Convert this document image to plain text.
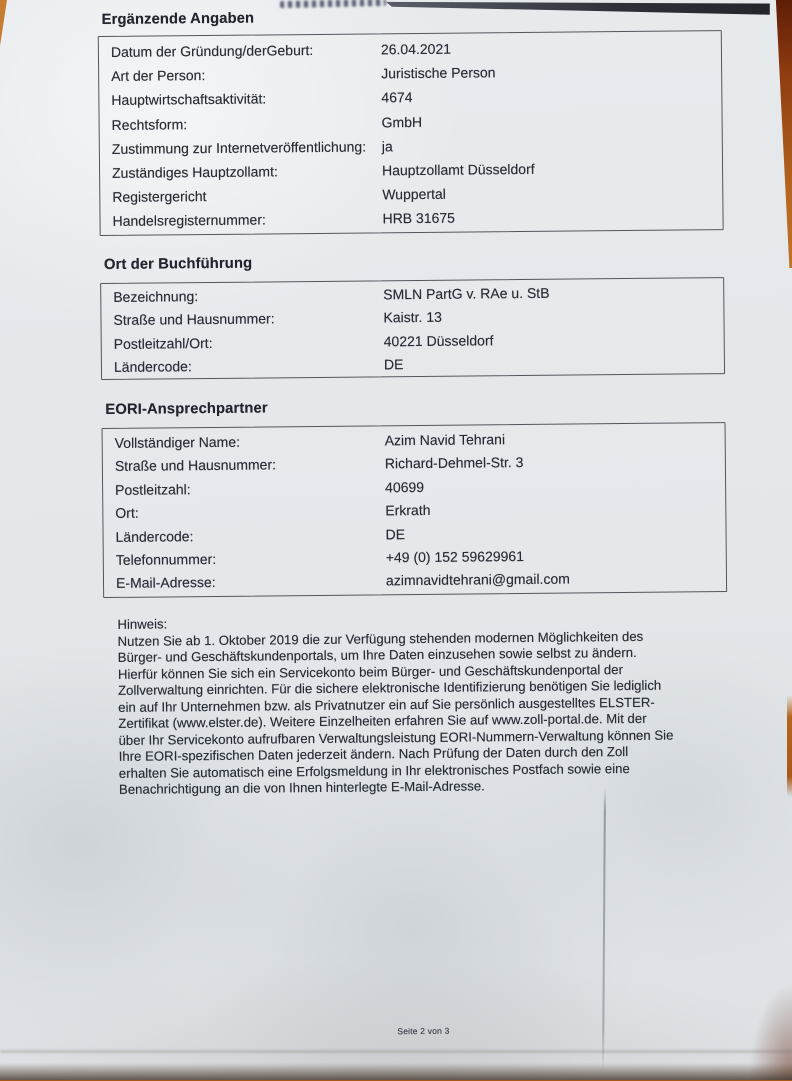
Ergänzende Angaben
Datum der Gründung/derGeburt:	26.04.2021
Art der Person:	Juristische Person
Hauptwirtschaftsaktivität:	4674
Rechtsform:	GmbH
Zustimmung zur Internetveröffentlichung:	ja
Zuständiges Hauptzollamt:	Hauptzollamt Düsseldorf
Registergericht	Wuppertal
Handelsregisternummer:	HRB 31675
Ort der Buchführung
Bezeichnung:	SMLN PartG v. RAe u. StB
Straße und Hausnummer:	Kaistr. 13
Postleitzahl/Ort:	40221 Düsseldorf
Ländercode:	DE
EORI-Ansprechpartner
Vollständiger Name:	Azim Navid Tehrani
Straße und Hausnummer:	Richard-Dehmel-Str. 3
Postleitzahl:	40699
Ort:	Erkrath
Ländercode:	DE
Telefonnummer:	+49 (0) 152 59629961
E-Mail-Adresse:	azimnavidtehrani@gmail.com
Hinweis:
Nutzen Sie ab 1. Oktober 2019 die zur Verfügung stehenden modernen Möglichkeiten des
Bürger- und Geschäftskundenportals, um Ihre Daten einzusehen sowie selbst zu ändern.
Hierfür können Sie sich ein Servicekonto beim Bürger- und Geschäftskundenportal der
Zollverwaltung einrichten. Für die sichere elektronische Identifizierung benötigen Sie lediglich
ein auf Ihr Unternehmen bzw. als Privatnutzer ein auf Sie persönlich ausgestelltes ELSTER-
Zertifikat (www.elster.de). Weitere Einzelheiten erfahren Sie auf www.zoll-portal.de. Mit der
über Ihr Servicekonto aufrufbaren Verwaltungsleistung EORI-Nummern-Verwaltung können Sie
Ihre EORI-spezifischen Daten jederzeit ändern. Nach Prüfung der Daten durch den Zoll
erhalten Sie automatisch eine Erfolgsmeldung in Ihr elektronisches Postfach sowie eine
Benachrichtigung an die von Ihnen hinterlegte E-Mail-Adresse.
Seite 2 von 3
